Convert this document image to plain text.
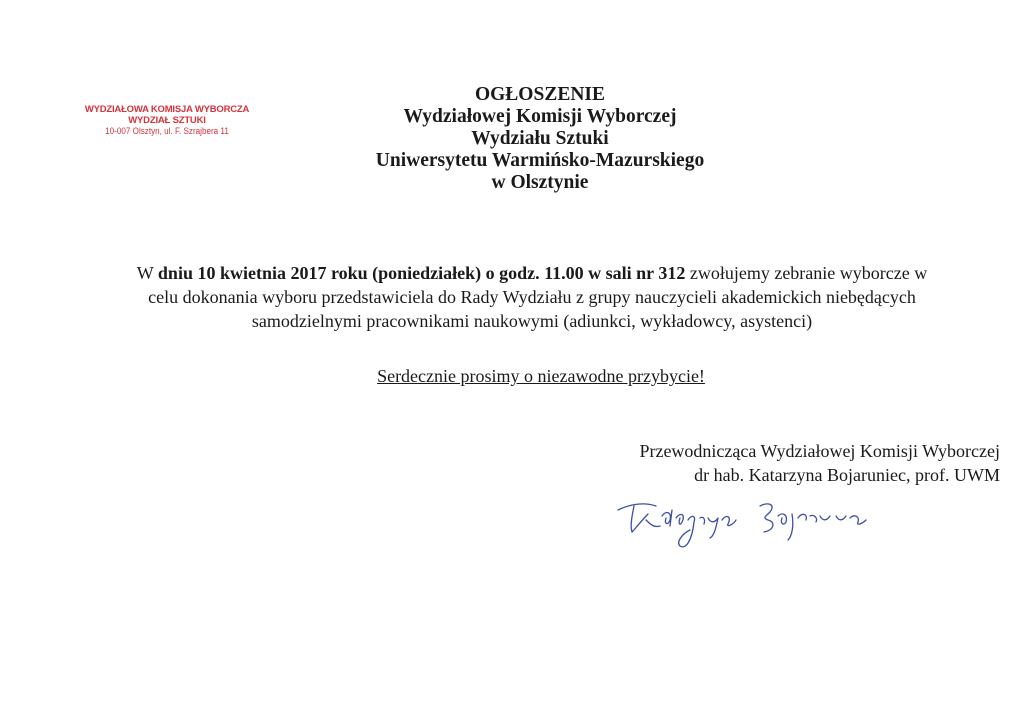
WYDZIAŁOWA KOMISJA WYBORCZA
WYDZIAŁ SZTUKI
10-007 Olsztyn, ul. F. Szrajbera 11
OGŁOSZENIE
Wydziałowej Komisji Wyborczej
Wydziału Sztuki
Uniwersytetu Warmińsko-Mazurskiego
w Olsztynie
W dniu 10 kwietnia 2017 roku (poniedziałek) o godz. 11.00 w sali nr 312 zwołujemy zebranie wyborcze w
celu dokonania wyboru przedstawiciela do Rady Wydziału z grupy nauczycieli akademickich niebędących
samodzielnymi pracownikami naukowymi (adiunkci, wykładowcy, asystenci)
Serdecznie prosimy o niezawodne przybycie!
Przewodnicząca Wydziałowej Komisji Wyborczej
dr hab. Katarzyna Bojaruniec, prof. UWM
